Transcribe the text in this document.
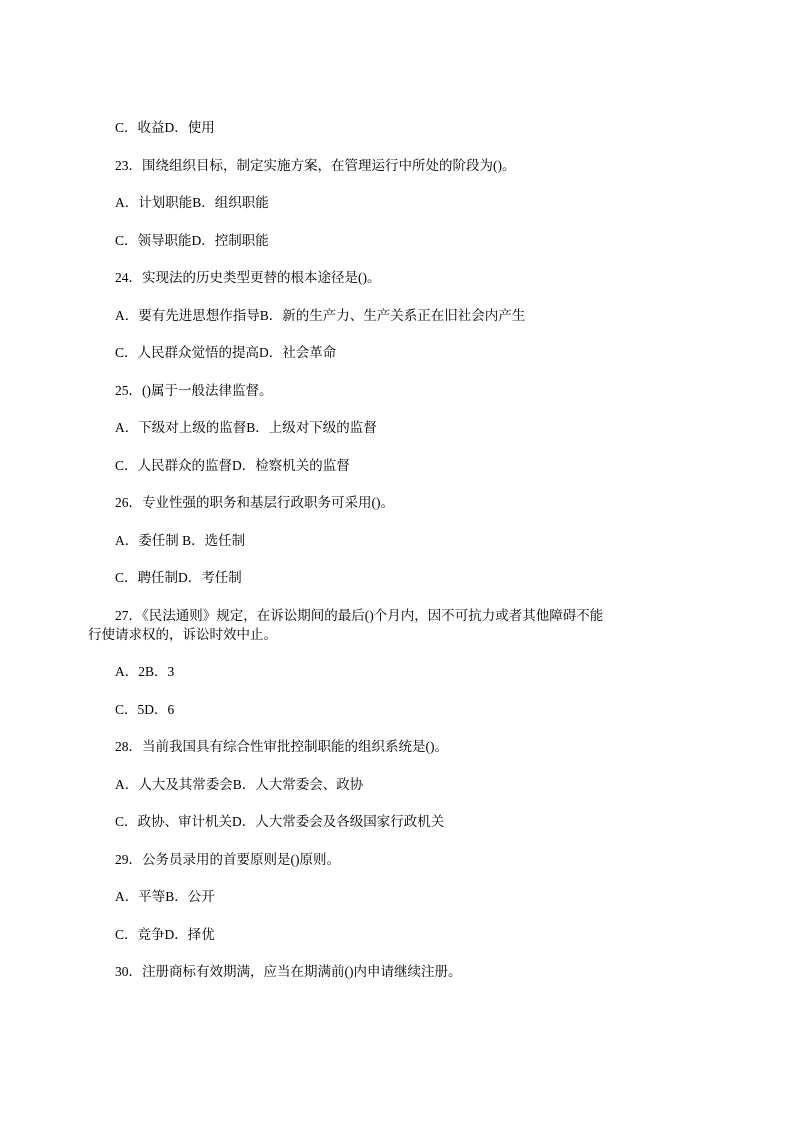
C．收益D．使用

23．围绕组织目标，制定实施方案，在管理运行中所处的阶段为()。

A．计划职能B．组织职能

C．领导职能D．控制职能

24．实现法的历史类型更替的根本途径是()。

A．要有先进思想作指导B．新的生产力、生产关系正在旧社会内产生

C．人民群众觉悟的提高D．社会革命

25．()属于一般法律监督。

A．下级对上级的监督B．上级对下级的监督

C．人民群众的监督D．检察机关的监督

26．专业性强的职务和基层行政职务可采用()。

A．委任制 B．选任制

C．聘任制D．考任制

27．《民法通则》规定，在诉讼期间的最后()个月内，因不可抗力或者其他障碍不能

行使请求权的，诉讼时效中止。

A．2B．3

C．5D．6

28．当前我国具有综合性审批控制职能的组织系统是()。

A．人大及其常委会B．人大常委会、政协

C．政协、审计机关D．人大常委会及各级国家行政机关

29．公务员录用的首要原则是()原则。

A．平等B．公开

C．竞争D．择优

30．注册商标有效期满，应当在期满前()内申请继续注册。
